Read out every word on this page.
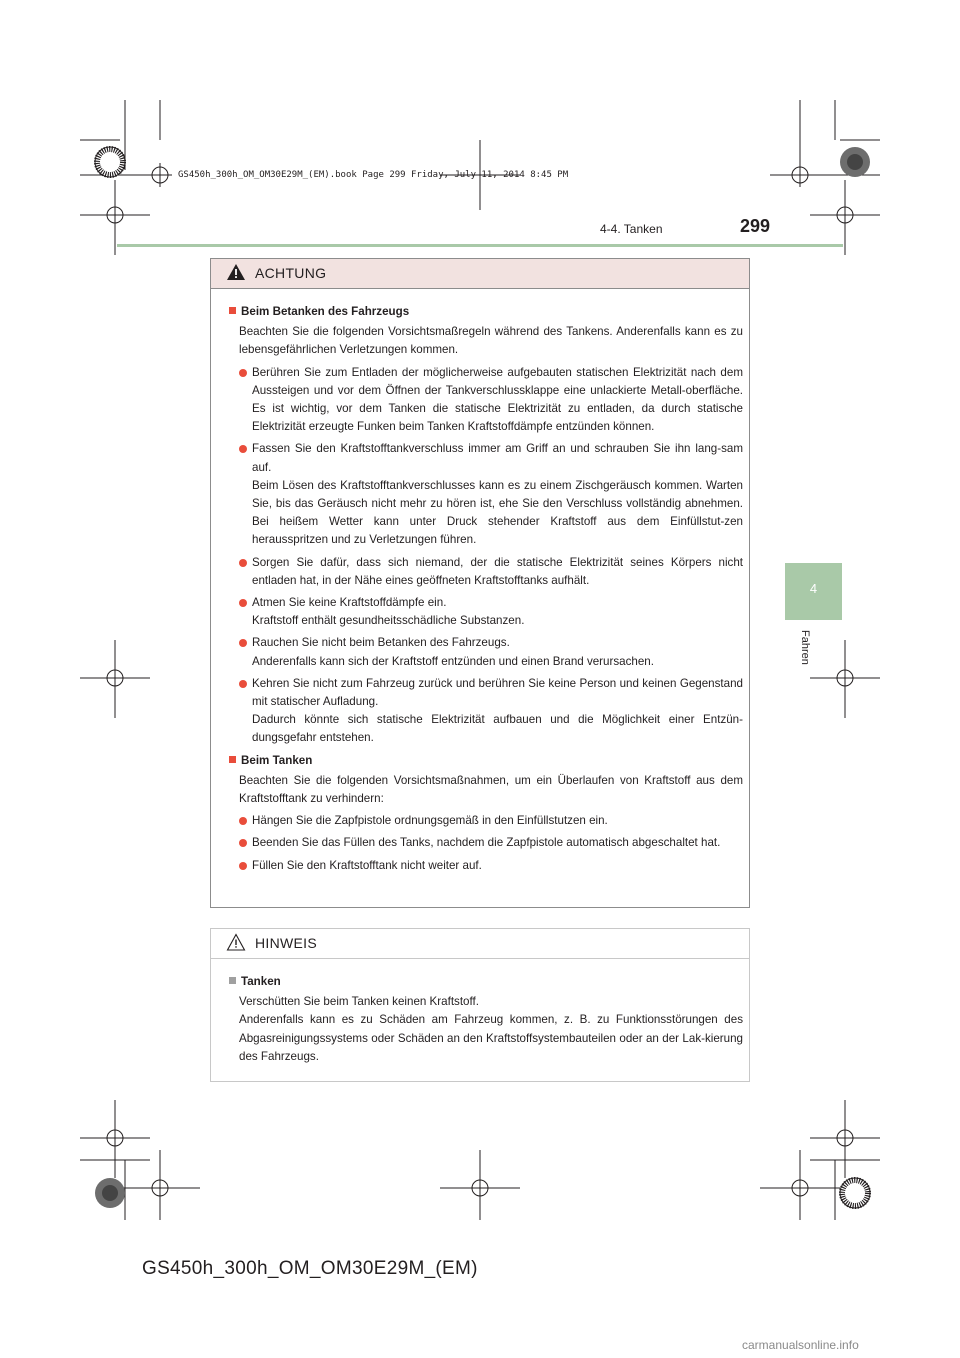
GS450h_300h_OM_OM30E29M_(EM).book Page 299 Friday, July 11, 2014 8:45 PM
4-4. Tanken	299
4
Fahren
ACHTUNG
Beim Betanken des Fahrzeugs
Beachten Sie die folgenden Vorsichtsmaßregeln während des Tankens. Anderenfalls kann es zu lebensgefährlichen Verletzungen kommen.
Berühren Sie zum Entladen der möglicherweise aufgebauten statischen Elektrizität nach dem Aussteigen und vor dem Öffnen der Tankverschlussklappe eine unlackierte Metall-oberfläche. Es ist wichtig, vor dem Tanken die statische Elektrizität zu entladen, da durch statische Elektrizität erzeugte Funken beim Tanken Kraftstoffdämpfe entzünden können.
Fassen Sie den Kraftstofftankverschluss immer am Griff an und schrauben Sie ihn lang-sam auf.
Beim Lösen des Kraftstofftankverschlusses kann es zu einem Zischgeräusch kommen. Warten Sie, bis das Geräusch nicht mehr zu hören ist, ehe Sie den Verschluss vollständig abnehmen. Bei heißem Wetter kann unter Druck stehender Kraftstoff aus dem Einfüllstut-zen herausspritzen und zu Verletzungen führen.
Sorgen Sie dafür, dass sich niemand, der die statische Elektrizität seines Körpers nicht entladen hat, in der Nähe eines geöffneten Kraftstofftanks aufhält.
Atmen Sie keine Kraftstoffdämpfe ein.
Kraftstoff enthält gesundheitsschädliche Substanzen.
Rauchen Sie nicht beim Betanken des Fahrzeugs.
Anderenfalls kann sich der Kraftstoff entzünden und einen Brand verursachen.
Kehren Sie nicht zum Fahrzeug zurück und berühren Sie keine Person und keinen Gegenstand mit statischer Aufladung.
Dadurch könnte sich statische Elektrizität aufbauen und die Möglichkeit einer Entzün-dungsgefahr entstehen.
Beim Tanken
Beachten Sie die folgenden Vorsichtsmaßnahmen, um ein Überlaufen von Kraftstoff aus dem Kraftstofftank zu verhindern:
Hängen Sie die Zapfpistole ordnungsgemäß in den Einfüllstutzen ein.
Beenden Sie das Füllen des Tanks, nachdem die Zapfpistole automatisch abgeschaltet hat.
Füllen Sie den Kraftstofftank nicht weiter auf.
HINWEIS
Tanken
Verschütten Sie beim Tanken keinen Kraftstoff.
Anderenfalls kann es zu Schäden am Fahrzeug kommen, z. B. zu Funktionsstörungen des Abgasreinigungssystems oder Schäden an den Kraftstoffsystembauteilen oder an der Lak-kierung des Fahrzeugs.
GS450h_300h_OM_OM30E29M_(EM)
carmanualsonline.info
